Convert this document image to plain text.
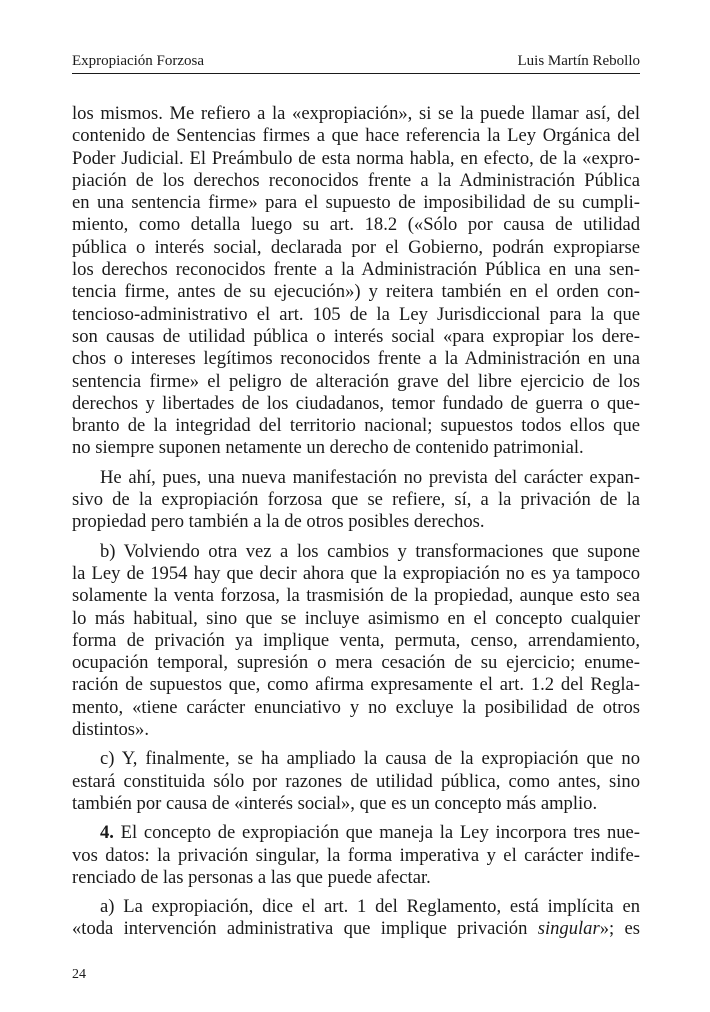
Expropiación Forzosa	Luis Martín Rebollo
los mismos. Me refiero a la «expropiación», si se la puede llamar así, del
contenido de Sentencias firmes a que hace referencia la Ley Orgánica del
Poder Judicial. El Preámbulo de esta norma habla, en efecto, de la «expro-
piación de los derechos reconocidos frente a la Administración Pública
en una sentencia firme» para el supuesto de imposibilidad de su cumpli-
miento, como detalla luego su art. 18.2 («Sólo por causa de utilidad
pública o interés social, declarada por el Gobierno, podrán expropiarse
los derechos reconocidos frente a la Administración Pública en una sen-
tencia firme, antes de su ejecución») y reitera también en el orden con-
tencioso-administrativo el art. 105 de la Ley Jurisdiccional para la que
son causas de utilidad pública o interés social «para expropiar los dere-
chos o intereses legítimos reconocidos frente a la Administración en una
sentencia firme» el peligro de alteración grave del libre ejercicio de los
derechos y libertades de los ciudadanos, temor fundado de guerra o que-
branto de la integridad del territorio nacional; supuestos todos ellos que
no siempre suponen netamente un derecho de contenido patrimonial.
He ahí, pues, una nueva manifestación no prevista del carácter expan-
sivo de la expropiación forzosa que se refiere, sí, a la privación de la
propiedad pero también a la de otros posibles derechos.
b) Volviendo otra vez a los cambios y transformaciones que supone
la Ley de 1954 hay que decir ahora que la expropiación no es ya tampoco
solamente la venta forzosa, la trasmisión de la propiedad, aunque esto sea
lo más habitual, sino que se incluye asimismo en el concepto cualquier
forma de privación ya implique venta, permuta, censo, arrendamiento,
ocupación temporal, supresión o mera cesación de su ejercicio; enume-
ración de supuestos que, como afirma expresamente el art. 1.2 del Regla-
mento, «tiene carácter enunciativo y no excluye la posibilidad de otros
distintos».
c) Y, finalmente, se ha ampliado la causa de la expropiación que no
estará constituida sólo por razones de utilidad pública, como antes, sino
también por causa de «interés social», que es un concepto más amplio.
4. El concepto de expropiación que maneja la Ley incorpora tres nue-
vos datos: la privación singular, la forma imperativa y el carácter indife-
renciado de las personas a las que puede afectar.
a) La expropiación, dice el art. 1 del Reglamento, está implícita en
«toda intervención administrativa que implique privación singular»; es
24
